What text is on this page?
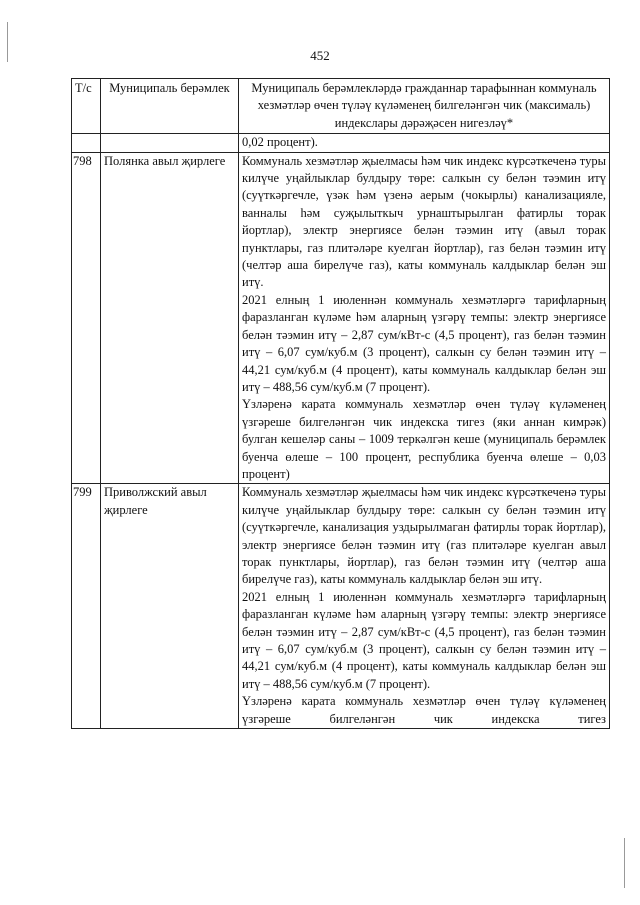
452
Т/с	Муниципаль берәмлек	Муниципаль берәмлекләрдә гражданнар тарафыннан коммуналь хезмәтләр өчен түләү күләменең билгеләнгән чик (максималь) индекслары дәрәҗәсен нигезләү*
		0,02 процент).
798	Полянка авыл җирлеге	Коммуналь хезмәтләр җыелмасы һәм чик индекс күрсәткеченә туры килүче уңайлыклар булдыру төре: салкын су белән тәэмин итү (суүткәргечле, үзәк һәм үзенә аерым (чокырлы) канализацияле, ванналы һәм суҗылыткыч урнаштырылган фатирлы торак йортлар), электр энергиясе белән тәэмин итү (авыл торак пунктлары, газ плитәләре куелган йортлар), газ белән тәэмин итү (челтәр аша бирелүче газ), каты коммуналь калдыклар белән эш итү.
2021 елның 1 июленнән коммуналь хезмәтләргә тарифларның фаразланган күләме һәм аларның үзгәрү темпы: электр энергиясе белән тәэмин итү – 2,87 сум/кВт-с (4,5 процент), газ белән тәэмин итү – 6,07 сум/куб.м (3 процент), салкын су белән тәэмин итү – 44,21 сум/куб.м (4 процент), каты коммуналь калдыклар белән эш итү – 488,56 сум/куб.м (7 процент).
Үзләренә карата коммуналь хезмәтләр өчен түләү күләменең үзгәреше билгеләнгән чик индекска тигез (яки аннан кимрәк) булган кешеләр саны – 1009 теркәлгән кеше (муниципаль берәмлек буенча өлеше – 100 процент, республика буенча өлеше – 0,03 процент)

799	Приволжский авыл җирлеге	Коммуналь хезмәтләр җыелмасы һәм чик индекс күрсәткеченә туры килүче уңайлыклар булдыру төре: салкын су белән тәэмин итү (суүткәргечле, канализация уздырылмаган фатирлы торак йортлар), электр энергиясе белән тәэмин итү (газ плитәләре куелган авыл торак пунктлары, йортлар), газ белән тәэмин итү (челтәр аша бирелүче газ), каты коммуналь калдыклар белән эш итү.
2021 елның 1 июленнән коммуналь хезмәтләргә тарифларның фаразланган күләме һәм аларның үзгәрү темпы: электр энергиясе белән тәэмин итү – 2,87 сум/кВт-с (4,5 процент), газ белән тәэмин итү – 6,07 сум/куб.м (3 процент), салкын су белән тәэмин итү – 44,21 сум/куб.м (4 процент), каты коммуналь калдыклар белән эш итү – 488,56 сум/куб.м (7 процент).
Үзләренә карата коммуналь хезмәтләр өчен түләү күләменең үзгәреше билгеләнгән чик индекска тигез
